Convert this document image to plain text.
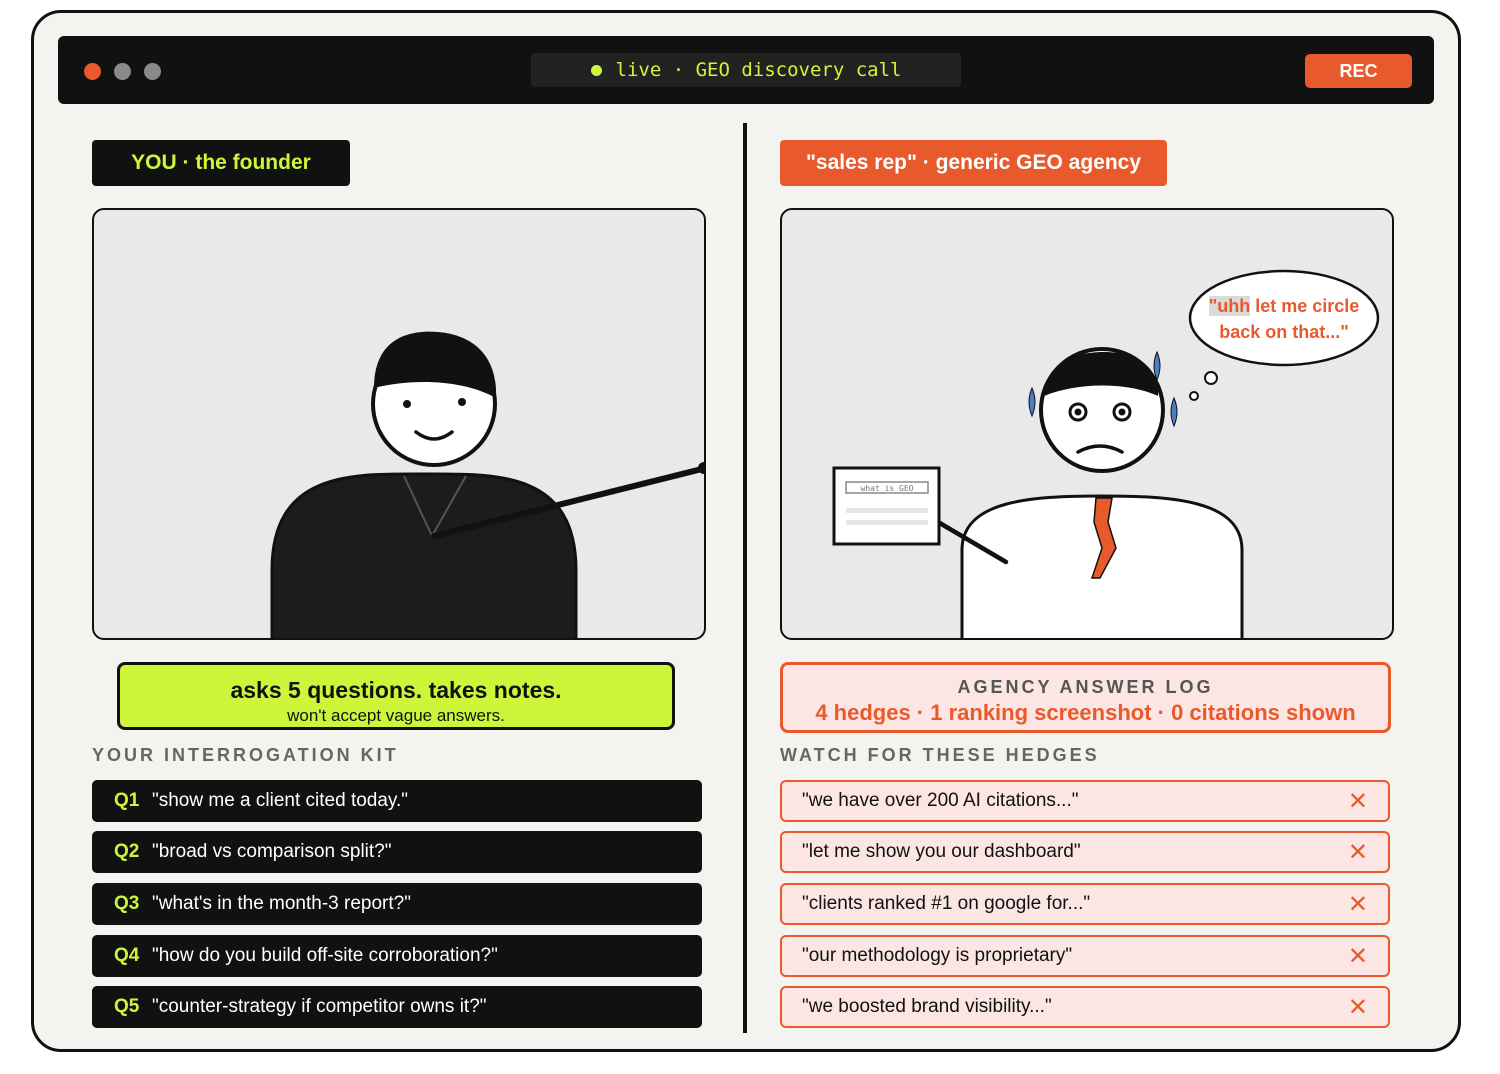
live · GEO discovery call	REC
YOU · the founder	"sales rep" · generic GEO agency
what is GEO
"uhh let me circle back on that..."
asks 5 questions. takes notes.
won't accept vague answers.
AGENCY ANSWER LOG
4 hedges · 1 ranking screenshot · 0 citations shown
YOUR INTERROGATION KIT	WATCH FOR THESE HEDGES
Q1 "show me a client cited today."
Q2 "broad vs comparison split?"
Q3 "what's in the month-3 report?"
Q4 "how do you build off-site corroboration?"
Q5 "counter-strategy if competitor owns it?"
"we have over 200 AI citations..."	✕
"let me show you our dashboard"	✕
"clients ranked #1 on google for..."	✕
"our methodology is proprietary"	✕
"we boosted brand visibility..."	✕
